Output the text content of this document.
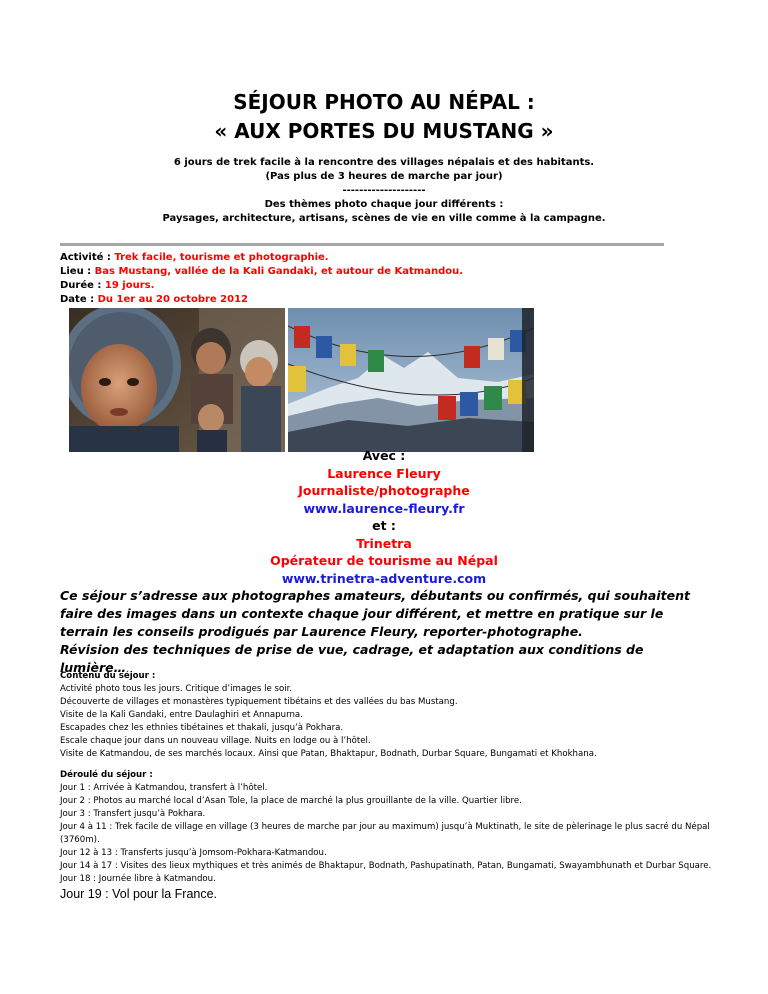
SÉJOUR PHOTO AU NÉPAL :
« AUX PORTES DU MUSTANG »
6 jours de trek facile à la rencontre des villages népalais et des habitants.
(Pas plus de 3 heures de marche par jour)
--------------------
Des thèmes photo chaque jour différents :
Paysages, architecture, artisans, scènes de vie en ville comme à la campagne.
Activité : Trek facile, tourisme et photographie.
Lieu : Bas Mustang, vallée de la Kali Gandaki, et autour de Katmandou.
Durée : 19 jours.
Date : Du 1er au 20 octobre 2012
Avec :
Laurence Fleury
Journaliste/photographe
www.laurence-fleury.fr
et :
Trinetra
Opérateur de tourisme au Népal
www.trinetra-adventure.com
Ce séjour s’adresse aux photographes amateurs, débutants ou confirmés, qui souhaitent faire des images dans un contexte chaque jour différent, et mettre en pratique sur le terrain les conseils prodigués par Laurence Fleury, reporter-photographe.
Révision des techniques de prise de vue, cadrage, et adaptation aux conditions de lumière…
Contenu du séjour :
Activité photo tous les jours. Critique d’images le soir.
Découverte de villages et monastères typiquement tibétains et des vallées du bas Mustang.
Visite de la Kali Gandaki, entre Daulaghiri et Annapurna.
Escapades chez les ethnies tibétaines et thakali, jusqu’à Pokhara.
Escale chaque jour dans un nouveau village. Nuits en lodge ou à l’hôtel.
Visite de Katmandou, de ses marchés locaux. Ainsi que Patan, Bhaktapur, Bodnath, Durbar Square, Bungamati et Khokhana.
Déroulé du séjour :
Jour 1 : Arrivée à Katmandou, transfert à l’hôtel.
Jour 2 : Photos au marché local d’Asan Tole, la place de marché la plus grouillante de la ville. Quartier libre.
Jour 3 : Transfert jusqu’à Pokhara.
Jour 4 à 11 : Trek facile de village en village (3 heures de marche par jour au maximum) jusqu’à Muktinath, le site de pèlerinage le plus sacré du Népal (3760m).
Jour 12 à 13 : Transferts jusqu’à Jomsom-Pokhara-Katmandou.
Jour 14 à 17 : Visites des lieux mythiques et très animés de Bhaktapur, Bodnath, Pashupatinath, Patan, Bungamati, Swayambhunath et Durbar Square.
Jour 18 : Journée libre à Katmandou.
Jour 19 : Vol pour la France.
